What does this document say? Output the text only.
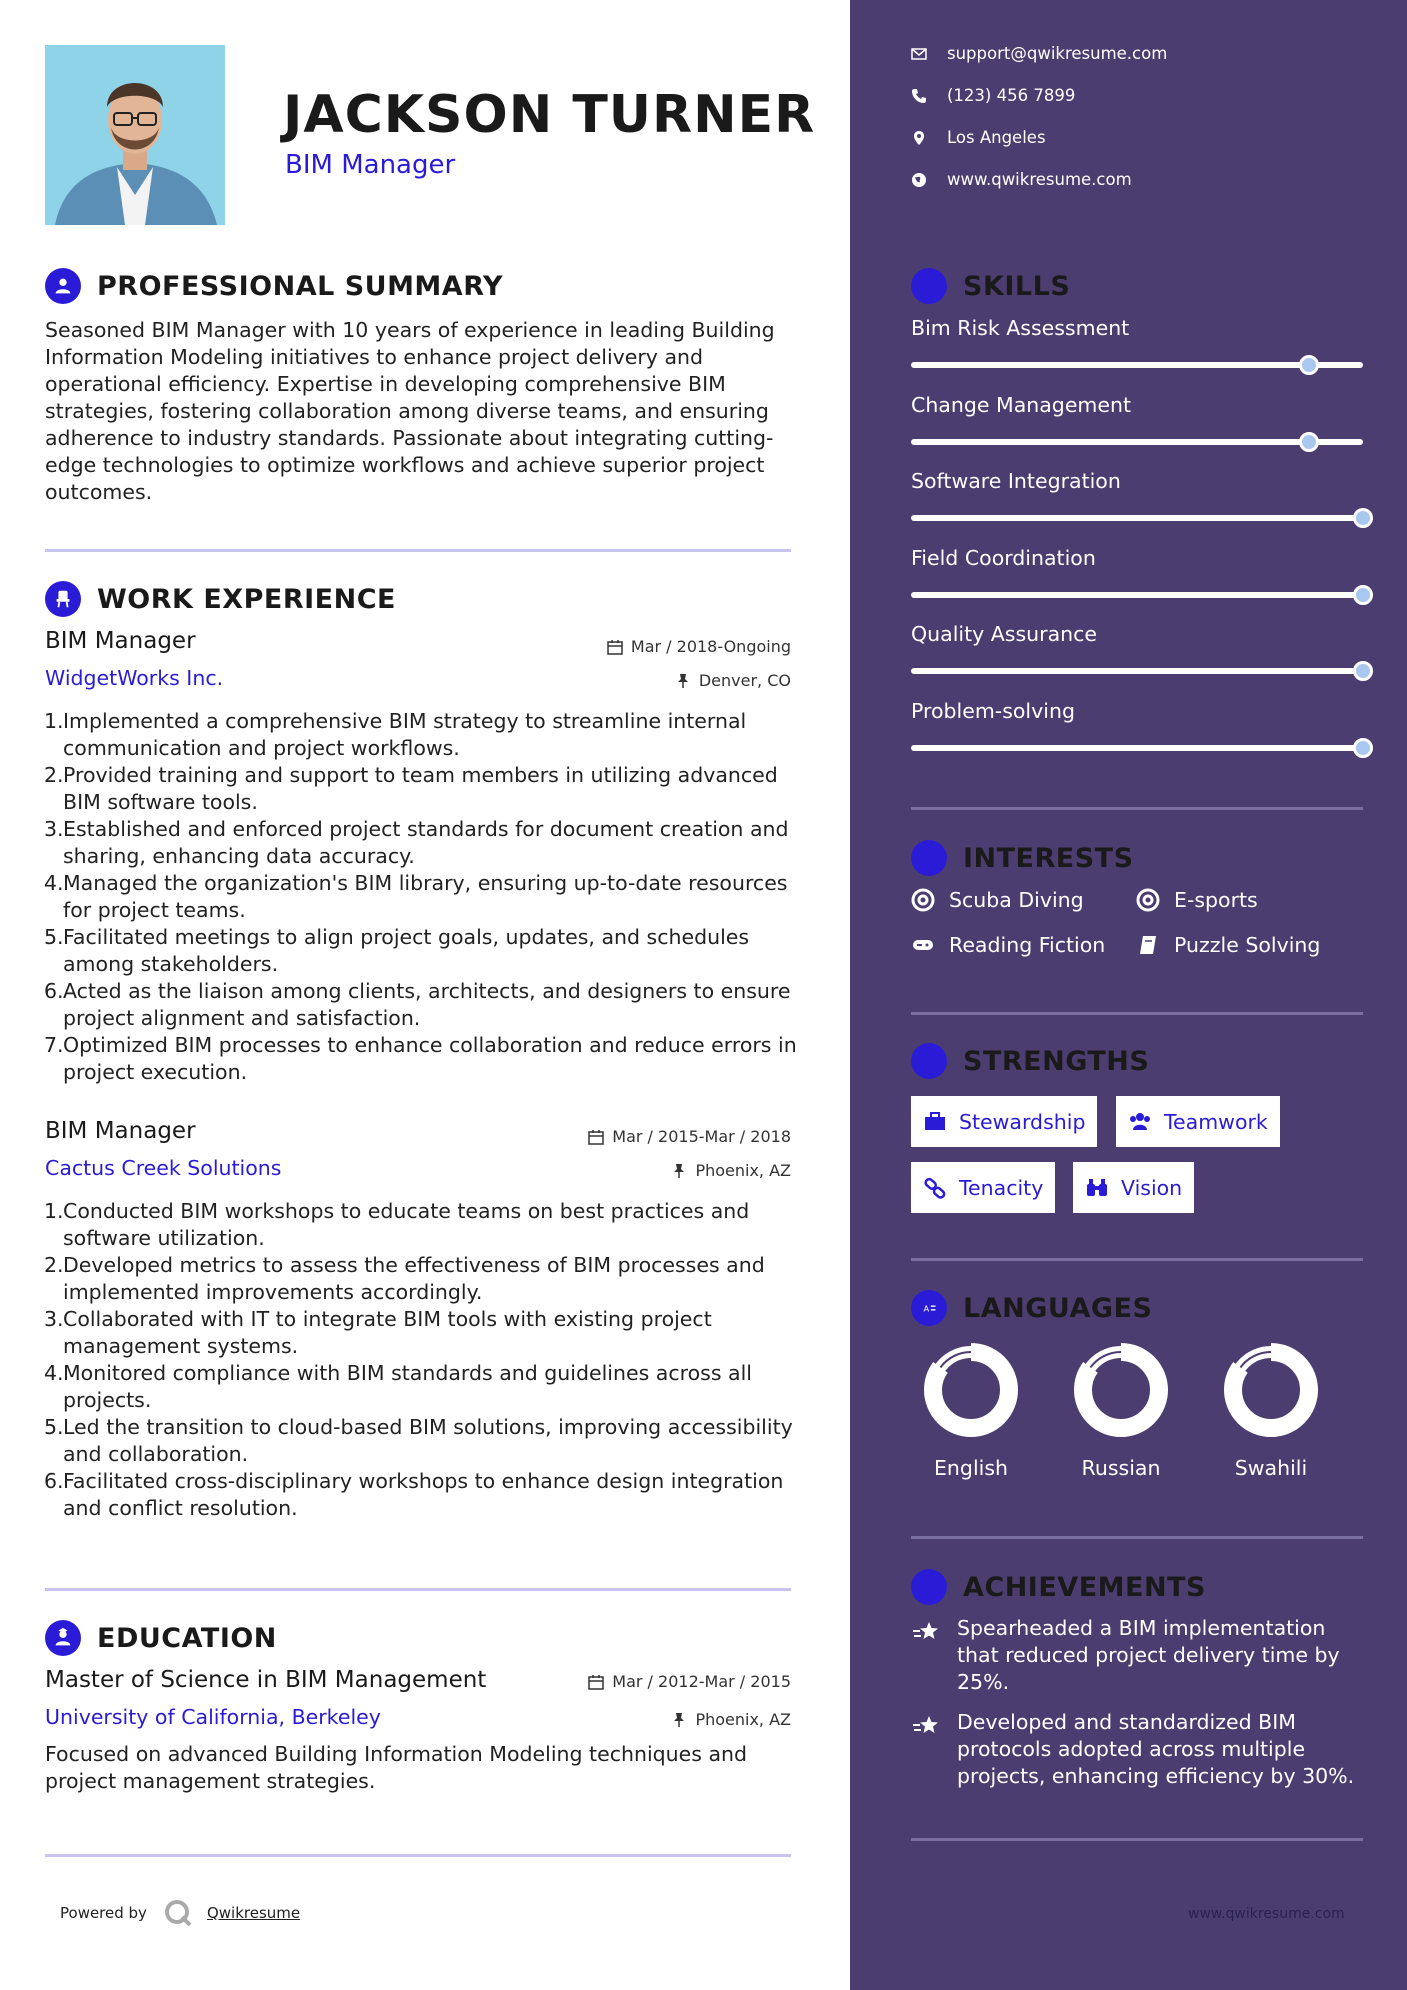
JACKSON TURNER
BIM Manager
PROFESSIONAL SUMMARY
Seasoned BIM Manager with 10 years of experience in leading Building Information Modeling initiatives to enhance project delivery and operational efficiency. Expertise in developing comprehensive BIM strategies, fostering collaboration among diverse teams, and ensuring adherence to industry standards. Passionate about integrating cutting-edge technologies to optimize workflows and achieve superior project outcomes.
WORK EXPERIENCE
BIM Manager
WidgetWorks Inc.
Mar / 2018-Ongoing
Denver, CO
1. Implemented a comprehensive BIM strategy to streamline internal communication and project workflows.
2. Provided training and support to team members in utilizing advanced BIM software tools.
3. Established and enforced project standards for document creation and sharing, enhancing data accuracy.
4. Managed the organization's BIM library, ensuring up-to-date resources for project teams.
5. Facilitated meetings to align project goals, updates, and schedules among stakeholders.
6. Acted as the liaison among clients, architects, and designers to ensure project alignment and satisfaction.
7. Optimized BIM processes to enhance collaboration and reduce errors in project execution.
BIM Manager
Cactus Creek Solutions
Mar / 2015-Mar / 2018
Phoenix, AZ
1. Conducted BIM workshops to educate teams on best practices and software utilization.
2. Developed metrics to assess the effectiveness of BIM processes and implemented improvements accordingly.
3. Collaborated with IT to integrate BIM tools with existing project management systems.
4. Monitored compliance with BIM standards and guidelines across all projects.
5. Led the transition to cloud-based BIM solutions, improving accessibility and collaboration.
6. Facilitated cross-disciplinary workshops to enhance design integration and conflict resolution.
EDUCATION
Master of Science in BIM Management
University of California, Berkeley
Mar / 2012-Mar / 2015
Phoenix, AZ
Focused on advanced Building Information Modeling techniques and project management strategies.
Powered by	Qwikresume
support@qwikresume.com
(123) 456 7899
Los Angeles
www.qwikresume.com
SKILLS
Bim Risk Assessment
Change Management
Software Integration
Field Coordination
Quality Assurance
Problem-solving
INTERESTS
Scuba Diving	E-sports
Reading Fiction	Puzzle Solving
STRENGTHS
Stewardship	Teamwork
Tenacity	Vision
A LANGUAGES
English	Russian	Swahili
ACHIEVEMENTS
Spearheaded a BIM implementation that reduced project delivery time by 25%.
Developed and standardized BIM protocols adopted across multiple projects, enhancing efficiency by 30%.
www.qwikresume.com
